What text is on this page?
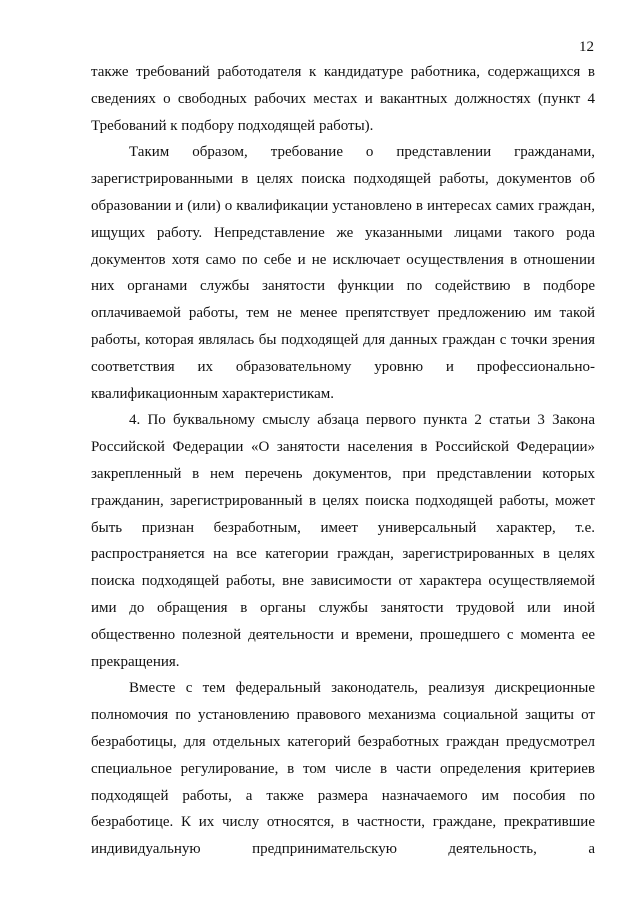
12

также требований работодателя к кандидатуре работника, содержащихся в сведениях о свободных рабочих местах и вакантных должностях (пункт 4 Требований к подбору подходящей работы).

Таким образом, требование о представлении гражданами, зарегистрированными в целях поиска подходящей работы, документов об образовании и (или) о квалификации установлено в интересах самих граждан, ищущих работу. Непредставление же указанными лицами такого рода документов хотя само по себе и не исключает осуществления в отношении них органами службы занятости функции по содействию в подборе оплачиваемой работы, тем не менее препятствует предложению им такой работы, которая являлась бы подходящей для данных граждан с точки зрения соответствия их образовательному уровню и профессионально-квалификационным характеристикам.

4. По буквальному смыслу абзаца первого пункта 2 статьи 3 Закона Российской Федерации «О занятости населения в Российской Федерации» закрепленный в нем перечень документов, при представлении которых гражданин, зарегистрированный в целях поиска подходящей работы, может быть признан безработным, имеет универсальный характер, т.е. распространяется на все категории граждан, зарегистрированных в целях поиска подходящей работы, вне зависимости от характера осуществляемой ими до обращения в органы службы занятости трудовой или иной общественно полезной деятельности и времени, прошедшего с момента ее прекращения.

Вместе с тем федеральный законодатель, реализуя дискреционные полномочия по установлению правового механизма социальной защиты от безработицы, для отдельных категорий безработных граждан предусмотрел специальное регулирование, в том числе в части определения критериев подходящей работы, а также размера назначаемого им пособия по безработице. К их числу относятся, в частности, граждане, прекратившие индивидуальную предпринимательскую деятельность, а
